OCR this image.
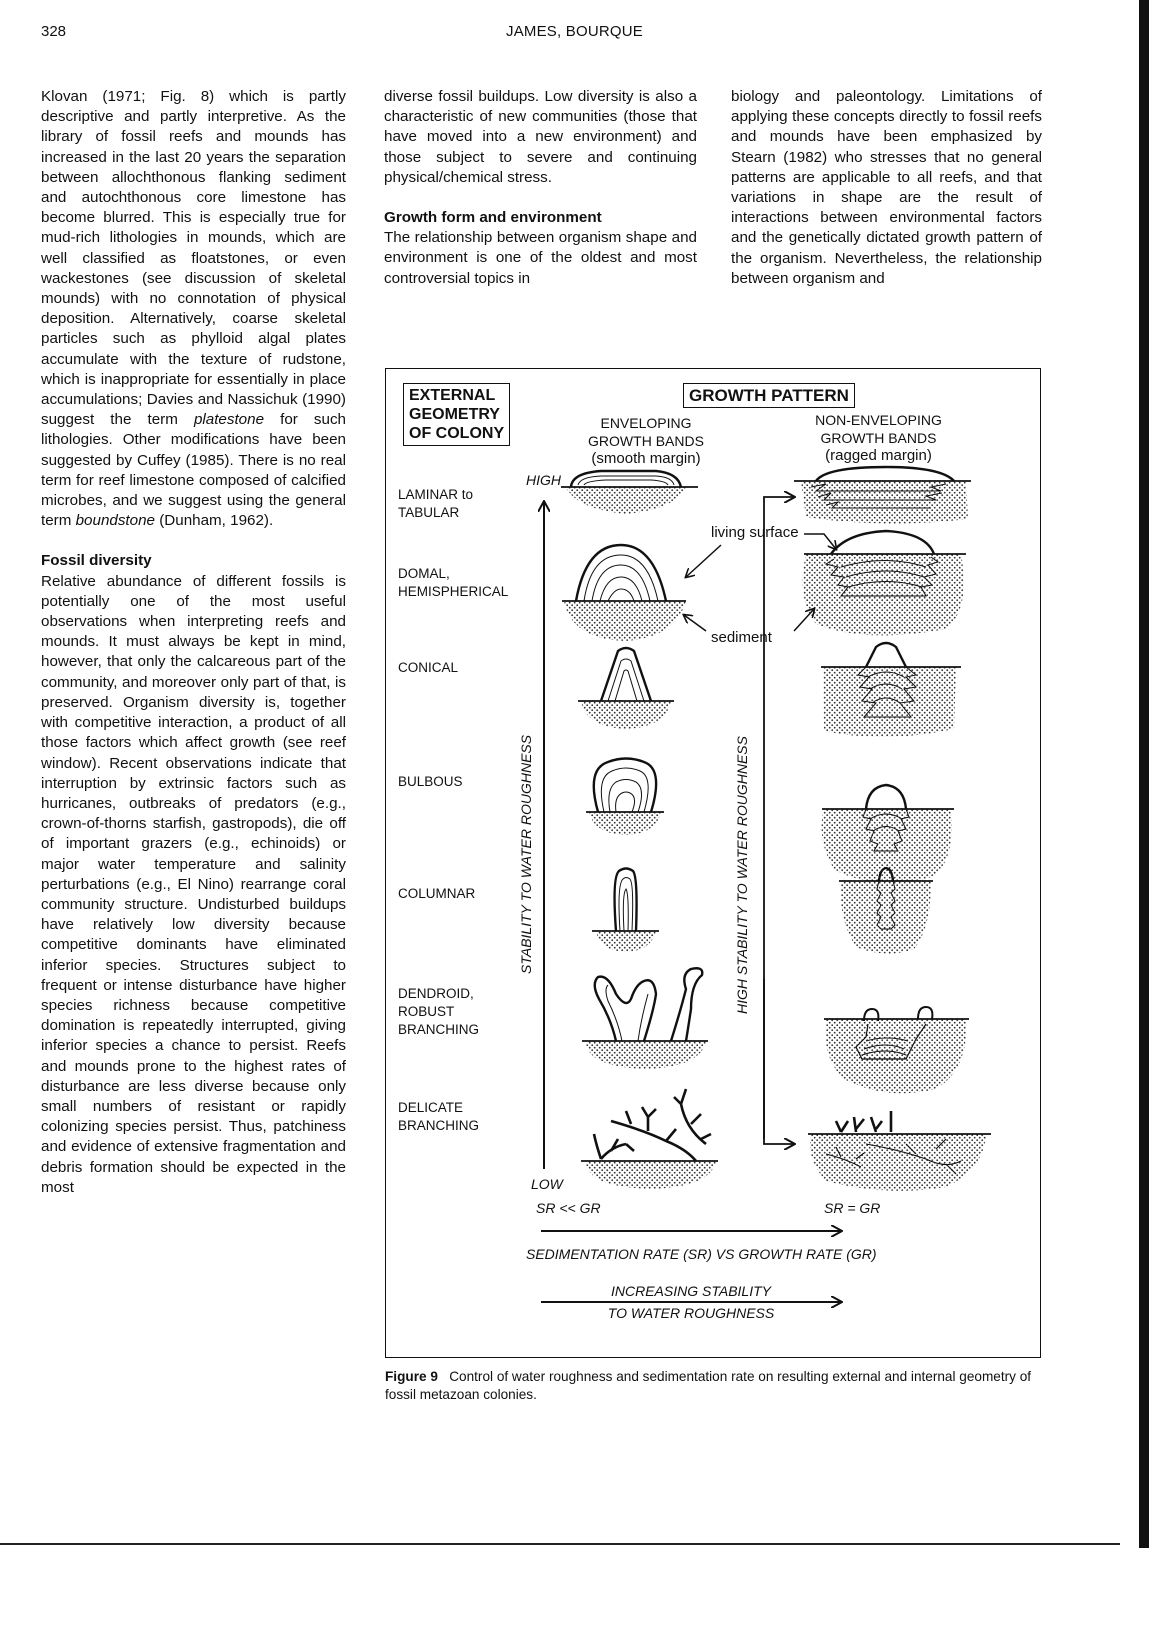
328	JAMES, BOURQUE

Klovan (1971; Fig. 8) which is partly descriptive and partly interpretive. As the library of fossil reefs and mounds has increased in the last 20 years the separation between allochthonous flanking sediment and autochthonous core limestone has become blurred. This is especially true for mud-rich lithologies in mounds, which are well classified as floatstones, or even wackestones (see discussion of skeletal mounds) with no connotation of physical deposition. Alternatively, coarse skeletal particles such as phylloid algal plates accumulate with the texture of rudstone, which is inappropriate for essentially in place accumulations; Davies and Nassichuk (1990) suggest the term platestone for such lithologies. Other modifications have been suggested by Cuffey (1985). There is no real term for reef limestone composed of calcified microbes, and we suggest using the general term boundstone (Dunham, 1962).

Fossil diversity

Relative abundance of different fossils is potentially one of the most useful observations when interpreting reefs and mounds. It must always be kept in mind, however, that only the calcareous part of the community, and moreover only part of that, is preserved. Organism diversity is, together with competitive interaction, a product of all those factors which affect growth (see reef window). Recent observations indicate that interruption by extrinsic factors such as hurricanes, outbreaks of predators (e.g., crown-of-thorns starfish, gastropods), die off of important grazers (e.g., echinoids) or major water temperature and salinity perturbations (e.g., El Nino) rearrange coral community structure. Undisturbed buildups have relatively low diversity because competitive dominants have eliminated inferior species. Structures subject to frequent or intense disturbance have higher species richness because competitive domination is repeatedly interrupted, giving inferior species a chance to persist. Reefs and mounds prone to the highest rates of disturbance are less diverse because only small numbers of resistant or rapidly colonizing species persist. Thus, patchiness and evidence of extensive fragmentation and debris formation should be expected in the most

diverse fossil buildups. Low diversity is also a characteristic of new communities (those that have moved into a new environment) and those subject to severe and continuing physical/chemical stress.

Growth form and environment

The relationship between organism shape and environment is one of the oldest and most controversial topics in

biology and paleontology. Limitations of applying these concepts directly to fossil reefs and mounds have been emphasized by Stearn (1982) who stresses that no general patterns are applicable to all reefs, and that variations in shape are the result of interactions between environmental factors and the genetically dictated growth pattern of the organism. Nevertheless, the relationship between organism and

EXTERNAL
GEOMETRY
OF COLONY
GROWTH PATTERN
ENVELOPING
GROWTH BANDS
(smooth margin)
NON-ENVELOPING
GROWTH BANDS
(ragged margin)
LAMINAR to
TABULAR
DOMAL,
HEMISPHERICAL
CONICAL
BULBOUS
COLUMNAR
DENDROID,
ROBUST
BRANCHING
DELICATE
BRANCHING
HIGH
LOW
living surface
sediment
STABILITY TO WATER ROUGHNESS	HIGH STABILITY TO WATER ROUGHNESS
SR << GR	SR = GR
SEDIMENTATION RATE (SR) VS GROWTH RATE (GR)
INCREASING STABILITY
TO WATER ROUGHNESS
Figure 9 Control of water roughness and sedimentation rate on resulting external and internal geometry of fossil metazoan colonies.
